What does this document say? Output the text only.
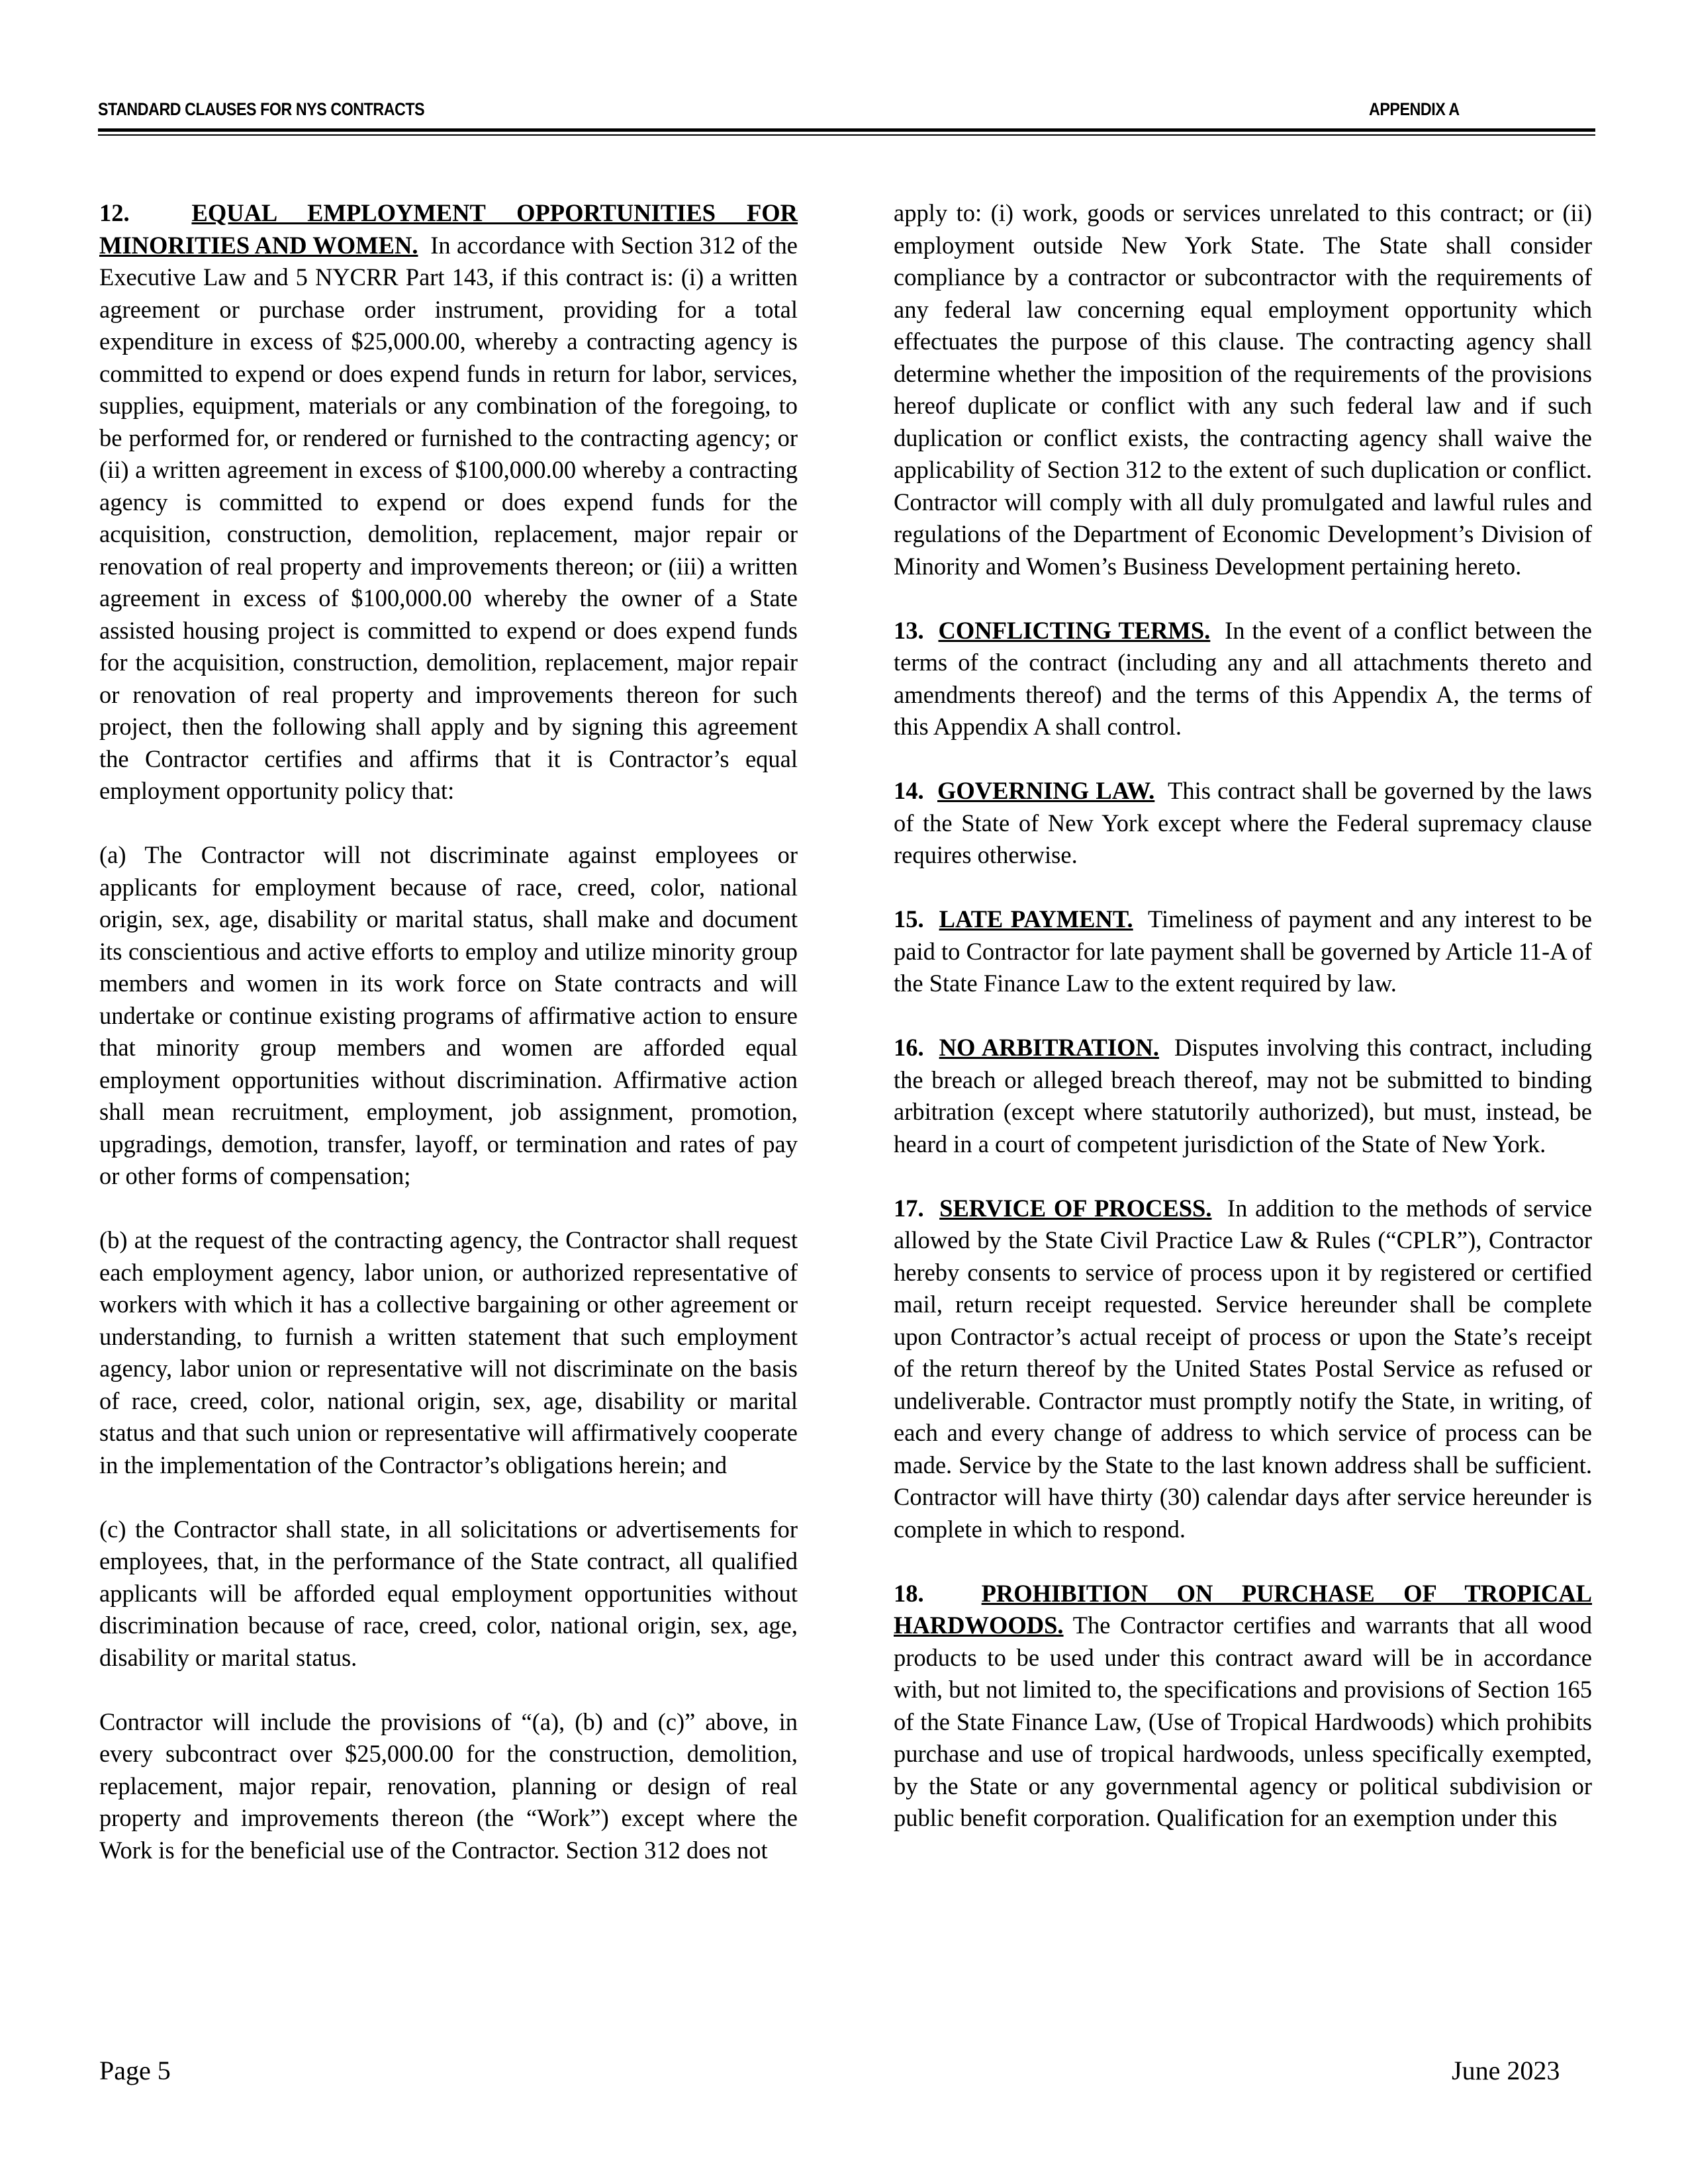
STANDARD CLAUSES FOR NYS CONTRACTS	APPENDIX A

12.	EQUAL EMPLOYMENT OPPORTUNITIES FOR MINORITIES AND WOMEN. In accordance with Section 312 of the Executive Law and 5 NYCRR Part 143, if this contract is: (i) a written agreement or purchase order instrument, providing for a total expenditure in excess of $25,000.00, whereby a contracting agency is committed to expend or does expend funds in return for labor, services, supplies, equipment, materials or any combination of the foregoing, to be performed for, or rendered or furnished to the contracting agency; or (ii) a written agreement in excess of $100,000.00 whereby a contracting agency is committed to expend or does expend funds for the acquisition, construction, demolition, replacement, major repair or renovation of real property and improvements thereon; or (iii) a written agreement in excess of $100,000.00 whereby the owner of a State assisted housing project is committed to expend or does expend funds for the acquisition, construction, demolition, replacement, major repair or renovation of real property and improvements thereon for such project, then the following shall apply and by signing this agreement the Contractor certifies and affirms that it is Contractor’s equal employment opportunity policy that:

(a) The Contractor will not discriminate against employees or applicants for employment because of race, creed, color, national origin, sex, age, disability or marital status, shall make and document its conscientious and active efforts to employ and utilize minority group members and women in its work force on State contracts and will undertake or continue existing programs of affirmative action to ensure that minority group members and women are afforded equal employment opportunities without discrimination. Affirmative action shall mean recruitment, employment, job assignment, promotion, upgradings, demotion, transfer, layoff, or termination and rates of pay or other forms of compensation;

(b) at the request of the contracting agency, the Contractor shall request each employment agency, labor union, or authorized representative of workers with which it has a collective bargaining or other agreement or understanding, to furnish a written statement that such employment agency, labor union or representative will not discriminate on the basis of race, creed, color, national origin, sex, age, disability or marital status and that such union or representative will affirmatively cooperate in the implementation of the Contractor’s obligations herein; and

(c) the Contractor shall state, in all solicitations or advertisements for employees, that, in the performance of the State contract, all qualified applicants will be afforded equal employment opportunities without discrimination because of race, creed, color, national origin, sex, age, disability or marital status.

Contractor will include the provisions of “(a), (b) and (c)” above, in every subcontract over $25,000.00 for the construction, demolition, replacement, major repair, renovation, planning or design of real property and improvements thereon (the “Work”) except where the Work is for the beneficial use of the Contractor. Section 312 does not

apply to: (i) work, goods or services unrelated to this contract; or (ii) employment outside New York State. The State shall consider compliance by a contractor or subcontractor with the requirements of any federal law concerning equal employment opportunity which effectuates the purpose of this clause. The contracting agency shall determine whether the imposition of the requirements of the provisions hereof duplicate or conflict with any such federal law and if such duplication or conflict exists, the contracting agency shall waive the applicability of Section 312 to the extent of such duplication or conflict. Contractor will comply with all duly promulgated and lawful rules and regulations of the Department of Economic Development’s Division of Minority and Women’s Business Development pertaining hereto.

13. CONFLICTING TERMS. In the event of a conflict between the terms of the contract (including any and all attachments thereto and amendments thereof) and the terms of this Appendix A, the terms of this Appendix A shall control.

14. GOVERNING LAW. This contract shall be governed by the laws of the State of New York except where the Federal supremacy clause requires otherwise.

15. LATE PAYMENT. Timeliness of payment and any interest to be paid to Contractor for late payment shall be governed by Article 11-A of the State Finance Law to the extent required by law.

16. NO ARBITRATION. Disputes involving this contract, including the breach or alleged breach thereof, may not be submitted to binding arbitration (except where statutorily authorized), but must, instead, be heard in a court of competent jurisdiction of the State of New York.

17. SERVICE OF PROCESS. In addition to the methods of service allowed by the State Civil Practice Law & Rules (“CPLR”), Contractor hereby consents to service of process upon it by registered or certified mail, return receipt requested. Service hereunder shall be complete upon Contractor’s actual receipt of process or upon the State’s receipt of the return thereof by the United States Postal Service as refused or undeliverable. Contractor must promptly notify the State, in writing, of each and every change of address to which service of process can be made. Service by the State to the last known address shall be sufficient. Contractor will have thirty (30) calendar days after service hereunder is complete in which to respond.

18. PROHIBITION ON PURCHASE OF TROPICAL HARDWOODS. The Contractor certifies and warrants that all wood products to be used under this contract award will be in accordance with, but not limited to, the specifications and provisions of Section 165 of the State Finance Law, (Use of Tropical Hardwoods) which prohibits purchase and use of tropical hardwoods, unless specifically exempted, by the State or any governmental agency or political subdivision or public benefit corporation. Qualification for an exemption under this

Page 5	June 2023
